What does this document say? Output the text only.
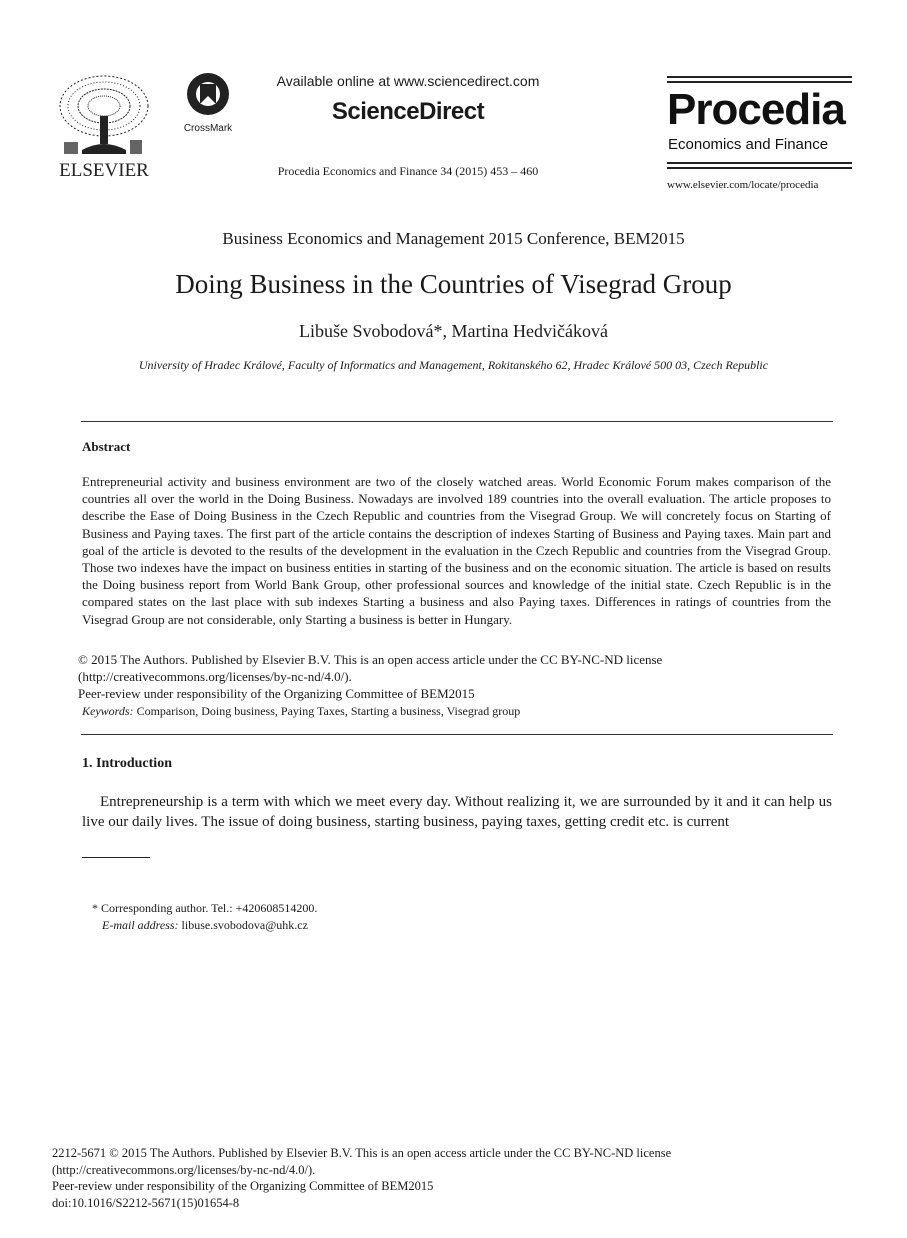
ELSEVIER
CrossMark
Available online at www.sciencedirect.com
ScienceDirect
Procedia Economics and Finance 34 (2015) 453 – 460
Procedia
Economics and Finance
www.elsevier.com/locate/procedia
Business Economics and Management 2015 Conference, BEM2015
Doing Business in the Countries of Visegrad Group
Libuše Svobodová*, Martina Hedvičáková
University of Hradec Králové, Faculty of Informatics and Management, Rokitanského 62, Hradec Králové 500 03, Czech Republic
Abstract
Entrepreneurial activity and business environment are two of the closely watched areas. World Economic Forum makes comparison of the countries all over the world in the Doing Business. Nowadays are involved 189 countries into the overall evaluation. The article proposes to describe the Ease of Doing Business in the Czech Republic and countries from the Visegrad Group. We will concretely focus on Starting of Business and Paying taxes. The first part of the article contains the description of indexes Starting of Business and Paying taxes. Main part and goal of the article is devoted to the results of the development in the evaluation in the Czech Republic and countries from the Visegrad Group. Those two indexes have the impact on business entities in starting of the business and on the economic situation. The article is based on results the Doing business report from World Bank Group, other professional sources and knowledge of the initial state. Czech Republic is in the compared states on the last place with sub indexes Starting a business and also Paying taxes. Differences in ratings of countries from the Visegrad Group are not considerable, only Starting a business is better in Hungary.
© 2015 The Authors. Published by Elsevier B.V. This is an open access article under the CC BY-NC-ND license
(http://creativecommons.org/licenses/by-nc-nd/4.0/).
Peer-review under responsibility of the Organizing Committee of BEM2015
Keywords: Comparison, Doing business, Paying Taxes, Starting a business, Visegrad group
1. Introduction
Entrepreneurship is a term with which we meet every day. Without realizing it, we are surrounded by it and it can help us live our daily lives. The issue of doing business, starting business, paying taxes, getting credit etc. is current
* Corresponding author. Tel.: +420608514200.
E-mail address: libuse.svobodova@uhk.cz
2212-5671 © 2015 The Authors. Published by Elsevier B.V. This is an open access article under the CC BY-NC-ND license
(http://creativecommons.org/licenses/by-nc-nd/4.0/).
Peer-review under responsibility of the Organizing Committee of BEM2015
doi:10.1016/S2212-5671(15)01654-8
